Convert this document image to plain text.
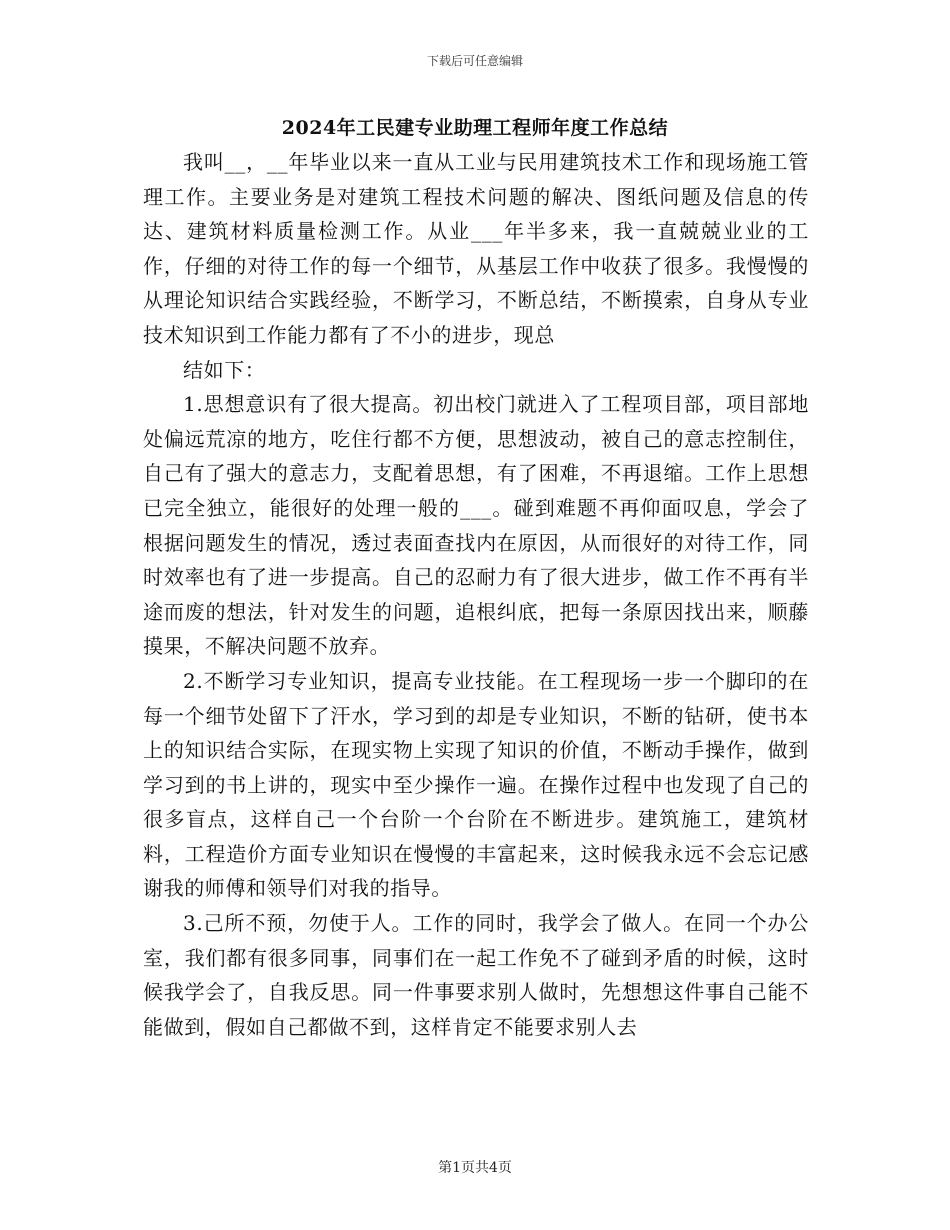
下载后可任意编辑
2024年工民建专业助理工程师年度工作总结

我叫__，__年毕业以来一直从工业与民用建筑技术工作和现场施工管理工作。主要业务是对建筑工程技术问题的解决、图纸问题及信息的传达、建筑材料质量检测工作。从业___年半多来，我一直兢兢业业的工作，仔细的对待工作的每一个细节，从基层工作中收获了很多。我慢慢的从理论知识结合实践经验，不断学习，不断总结，不断摸索，自身从专业技术知识到工作能力都有了不小的进步，现总

结如下：

1.思想意识有了很大提高。初出校门就进入了工程项目部，项目部地处偏远荒凉的地方，吃住行都不方便，思想波动，被自己的意志控制住，自己有了强大的意志力，支配着思想，有了困难，不再退缩。工作上思想已完全独立，能很好的处理一般的___。碰到难题不再仰面叹息，学会了根据问题发生的情况，透过表面查找内在原因，从而很好的对待工作，同时效率也有了进一步提高。自己的忍耐力有了很大进步，做工作不再有半途而废的想法，针对发生的问题，追根纠底，把每一条原因找出来，顺藤摸果，不解决问题不放弃。

2.不断学习专业知识，提高专业技能。在工程现场一步一个脚印的在每一个细节处留下了汗水，学习到的却是专业知识，不断的钻研，使书本上的知识结合实际，在现实物上实现了知识的价值，不断动手操作，做到学习到的书上讲的，现实中至少操作一遍。在操作过程中也发现了自己的很多盲点，这样自己一个台阶一个台阶在不断进步。建筑施工，建筑材料，工程造价方面专业知识在慢慢的丰富起来，这时候我永远不会忘记感谢我的师傅和领导们对我的指导。

3.己所不预，勿使于人。工作的同时，我学会了做人。在同一个办公室，我们都有很多同事，同事们在一起工作免不了碰到矛盾的时候，这时候我学会了，自我反思。同一件事要求别人做时，先想想这件事自己能不能做到，假如自己都做不到，这样肯定不能要求别人去

第1页共4页
